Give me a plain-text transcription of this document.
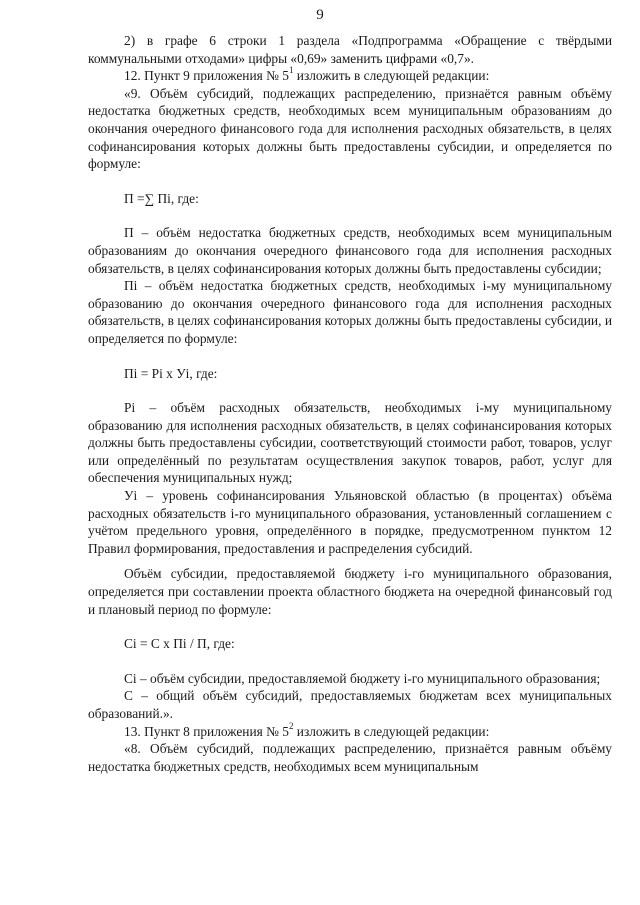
9

2) в графе 6 строки 1 раздела «Подпрограмма «Обращение с твёрдыми коммунальными отходами» цифры «0,69» заменить цифрами «0,7».

12. Пункт 9 приложения № $5^1$ изложить в следующей редакции:

«9. Объём субсидий, подлежащих распределению, признаётся равным объёму недостатка бюджетных средств, необходимых всем муниципальным образованиям до окончания очередного финансового года для исполнения расходных обязательств, в целях софинансирования которых должны быть предоставлены субсидии, и определяется по формуле:

П =∑ Пi, где:

П – объём недостатка бюджетных средств, необходимых всем муниципальным образованиям до окончания очередного финансового года для исполнения расходных обязательств, в целях софинансирования которых должны быть предоставлены субсидии;

Пi – объём недостатка бюджетных средств, необходимых i-му муниципальному образованию до окончания очередного финансового года для исполнения расходных обязательств, в целях софинансирования которых должны быть предоставлены субсидии, и определяется по формуле:

Пi = Рi х Уi, где:

Рi – объём расходных обязательств, необходимых i-му муниципальному образованию для исполнения расходных обязательств, в целях софинансирования которых должны быть предоставлены субсидии, соответствующий стоимости работ, товаров, услуг или определённый по результатам осуществления закупок товаров, работ, услуг для обеспечения муниципальных нужд;

Уi – уровень софинансирования Ульяновской областью (в процентах) объёма расходных обязательств i-го муниципального образования, установленный соглашением с учётом предельного уровня, определённого в порядке, предусмотренном пунктом 12 Правил формирования, предоставления и распределения субсидий.

Объём субсидии, предоставляемой бюджету i-го муниципального образования, определяется при составлении проекта областного бюджета на очередной финансовый год и плановый период по формуле:

Сi = С х Пi / П, где:

Сi – объём субсидии, предоставляемой бюджету i-го муниципального образования;

С – общий объём субсидий, предоставляемых бюджетам всех муниципальных образований.».

13. Пункт 8 приложения № $5^2$ изложить в следующей редакции:

«8. Объём субсидий, подлежащих распределению, признаётся равным объёму недостатка бюджетных средств, необходимых всем муниципальным
